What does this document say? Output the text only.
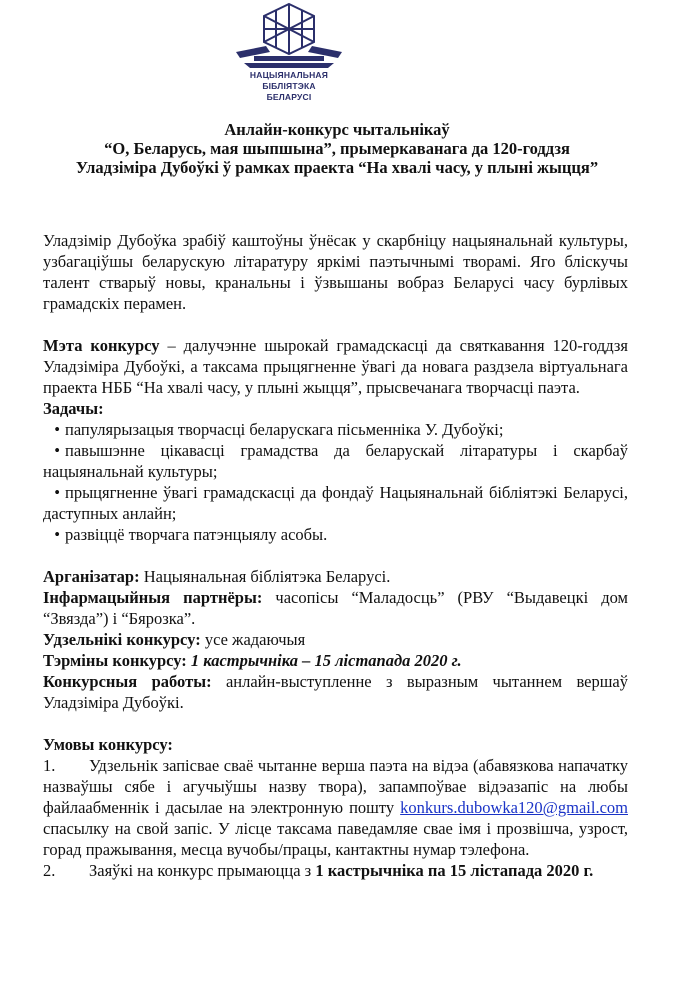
НАЦЫЯНАЛЬНАЯ БІБЛІЯТЭКА
БЕЛАРУСІ
Анлайн-конкурс чытальнікаў
“О, Беларусь, мая шыпшына”, прымеркаванага да 120-годдзя
Уладзіміра Дубоўкі ў рамках праекта “На хвалі часу, у плыні жыцця”

Уладзімір Дубоўка зрабіў каштоўны ўнёсак у скарбніцу нацыянальнай культуры, узбагаціўшы беларускую літаратуру яркімі паэтычнымі творамі. Яго бліскучы талент стварыў новы, кранальны і ўзвышаны вобраз Беларусі часу бурлівых грамадскіх перамен.

Мэта конкурсу – далучэнне шырокай грамадскасці да святкавання 120-годдзя Уладзіміра Дубоўкі, а таксама прыцягненне ўвагі да новага раздзела віртуальнага праекта НББ “На хвалі часу, у плыні жыцця”, прысвечанага творчасці паэта.

Задачы:
• папулярызацыя творчасці беларускага пісьменніка У. Дубоўкі;
• павышэнне цікавасці грамадства да беларускай літаратуры і скарбаў нацыянальнай культуры;
• прыцягненне ўвагі грамадскасці да фондаў Нацыянальнай бібліятэкі Беларусі, даступных анлайн;
• развіццё творчага патэнцыялу асобы.

Арганізатар: Нацыянальная бібліятэка Беларусі.

Інфармацыйныя партнёры: часопісы “Маладосць” (РВУ “Выдавецкі дом “Звязда”) і “Бярозка”.

Удзельнікі конкурсу: усе жадаючыя

Тэрміны конкурсу: 1 кастрычніка – 15 лістапада 2020 г.

Конкурсныя работы: анлайн-выступленне з выразным чытаннем вершаў Уладзіміра Дубоўкі.

Умовы конкурсу:
1. Удзельнік запісвае сваё чытанне верша паэта на відэа (абавязкова напачатку назваўшы сябе і агучыўшы назву твора), запампоўвае відэазапіс на любы файлаабменнік і дасылае на электронную пошту konkurs.dubowka120@gmail.com спасылку на свой запіс. У лісце таксама паведамляе свае імя і прозвішча, узрост, горад пражывання, месца вучобы/працы, кантактны нумар тэлефона.
2. Заяўкі на конкурс прымаюцца з 1 кастрычніка па 15 лістапада 2020 г.
